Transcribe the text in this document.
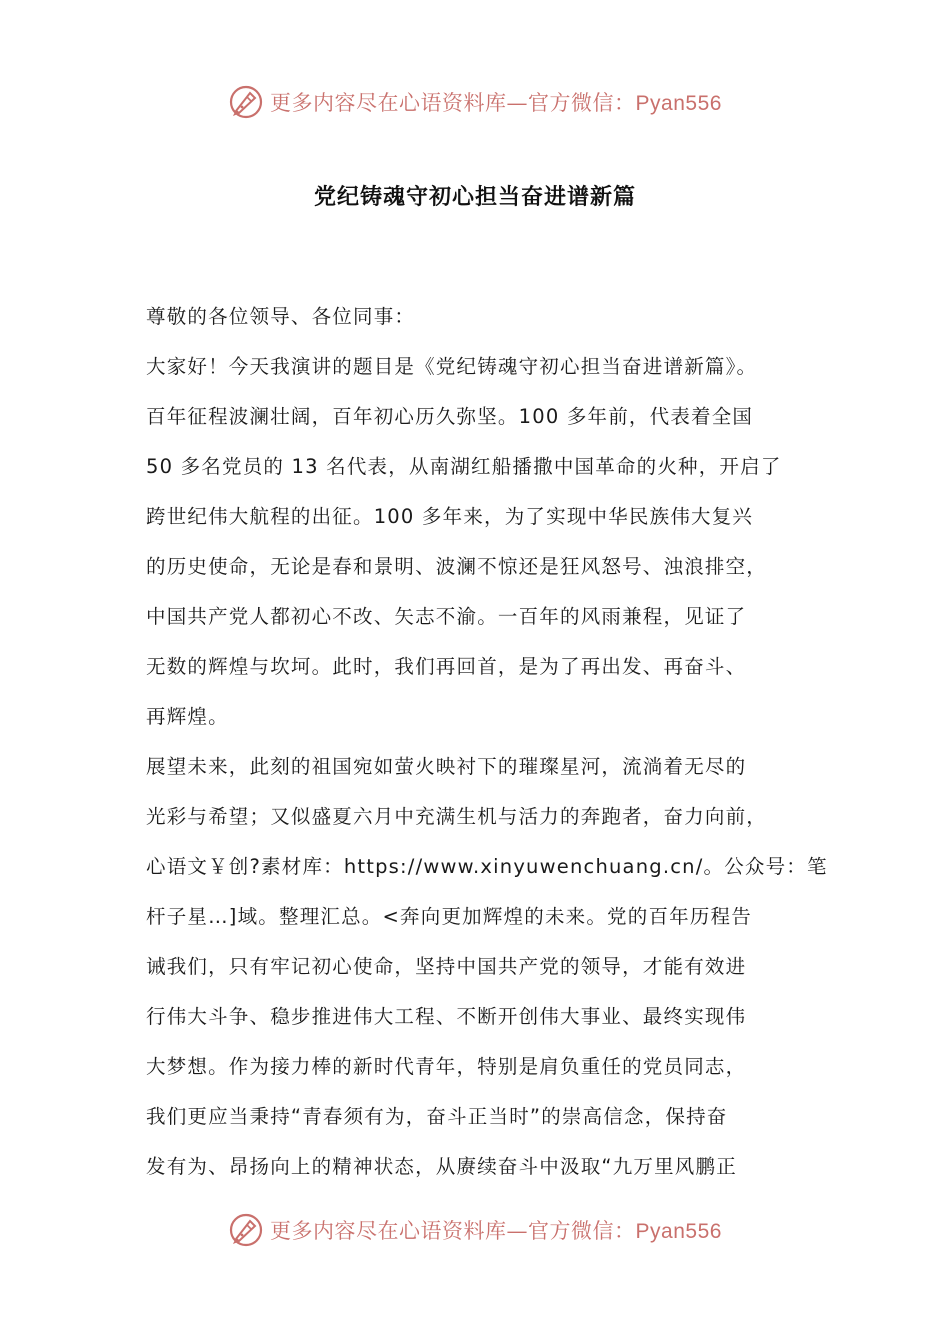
更多内容尽在心语资料库—官方微信：Pyan556
党纪铸魂守初心担当奋进谱新篇
尊敬的各位领导、各位同事：
大家好！今天我演讲的题目是《党纪铸魂守初心担当奋进谱新篇》。
百年征程波澜壮阔，百年初心历久弥坚。100 多年前，代表着全国
50 多名党员的 13 名代表，从南湖红船播撒中国革命的火种，开启了
跨世纪伟大航程的出征。100 多年来，为了实现中华民族伟大复兴
的历史使命，无论是春和景明、波澜不惊还是狂风怒号、浊浪排空，
中国共产党人都初心不改、矢志不渝。一百年的风雨兼程，见证了
无数的辉煌与坎坷。此时，我们再回首，是为了再出发、再奋斗、
再辉煌。
展望未来，此刻的祖国宛如萤火映衬下的璀璨星河，流淌着无尽的
光彩与希望；又似盛夏六月中充满生机与活力的奔跑者，奋力向前，
心语文￥创?素材库：https://www.xinyuwenchuang.cn/。公众号：笔
杆子星…]域。整理汇总。<奔向更加辉煌的未来。党的百年历程告
诫我们，只有牢记初心使命，坚持中国共产党的领导，才能有效进
行伟大斗争、稳步推进伟大工程、不断开创伟大事业、最终实现伟
大梦想。作为接力棒的新时代青年，特别是肩负重任的党员同志，
我们更应当秉持“青春须有为，奋斗正当时”的崇高信念，保持奋
发有为、昂扬向上的精神状态，从赓续奋斗中汲取“九万里风鹏正
更多内容尽在心语资料库—官方微信：Pyan556
